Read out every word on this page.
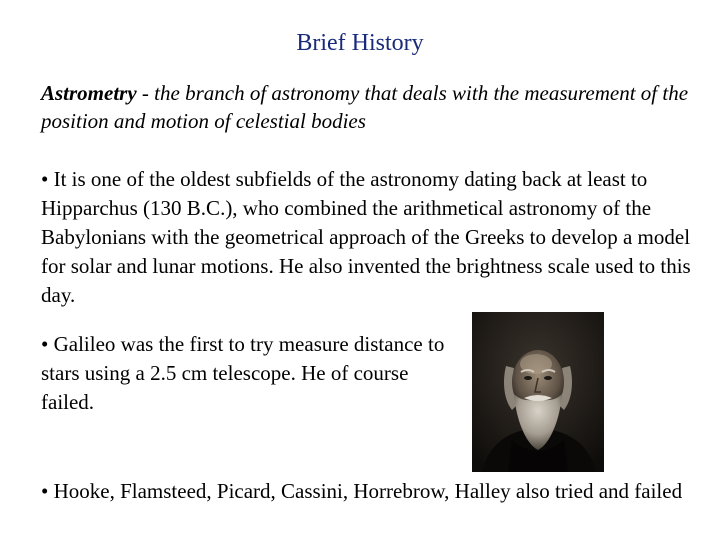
Brief History

Astrometry - the branch of astronomy that deals with the measurement of the position and motion of celestial bodies

• It is one of the oldest subfields of the astronomy dating back at least to Hipparchus (130 B.C.), who combined the arithmetical astronomy of the Babylonians with the geometrical approach of the Greeks to develop a model for solar and lunar motions. He also invented the brightness scale used to this day.

• Galileo was the first to try measure distance to stars using a 2.5 cm telescope. He of course failed.

• Hooke, Flamsteed, Picard, Cassini, Horrebrow, Halley also tried and failed
